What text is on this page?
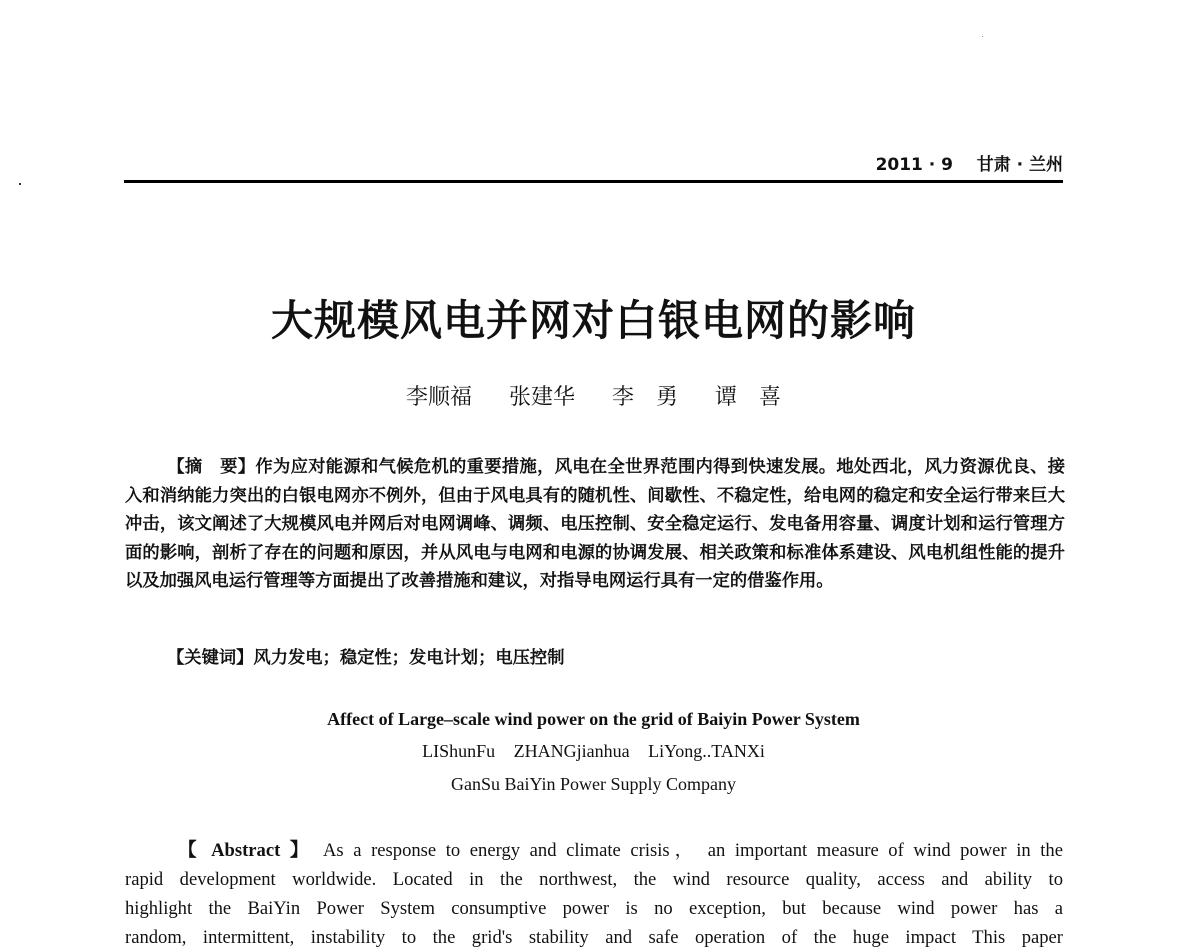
2011 · 9 甘肃 · 兰州
大规模风电并网对白银电网的影响
李顺福 张建华 李　勇 谭　喜
【摘　要】作为应对能源和气候危机的重要措施，风电在全世界范围内得到快速发展。地处西北，风力资源优良、接入和消纳能力突出的白银电网亦不例外，但由于风电具有的随机性、间歇性、不稳定性，给电网的稳定和安全运行带来巨大冲击，该文阐述了大规模风电并网后对电网调峰、调频、电压控制、安全稳定运行、发电备用容量、调度计划和运行管理方面的影响，剖析了存在的问题和原因，并从风电与电网和电源的协调发展、相关政策和标准体系建设、风电机组性能的提升以及加强风电运行管理等方面提出了改善措施和建议，对指导电网运行具有一定的借鉴作用。
【关键词】风力发电；稳定性；发电计划；电压控制
Affect of Large–scale wind power on the grid of Baiyin Power System
LIShunFu ZHANGjianhua LiYong..TANXi
GanSu BaiYin Power Supply Company
【 Abstract 】 As a response to energy and climate crisis， an important measure of wind power in the
rapid development worldwide. Located in the northwest, the wind resource quality, access and ability to
highlight the BaiYin Power System consumptive power is no exception, but because wind power has a
random, intermittent, instability to the grid's stability and safe operation of the huge impact This paper
